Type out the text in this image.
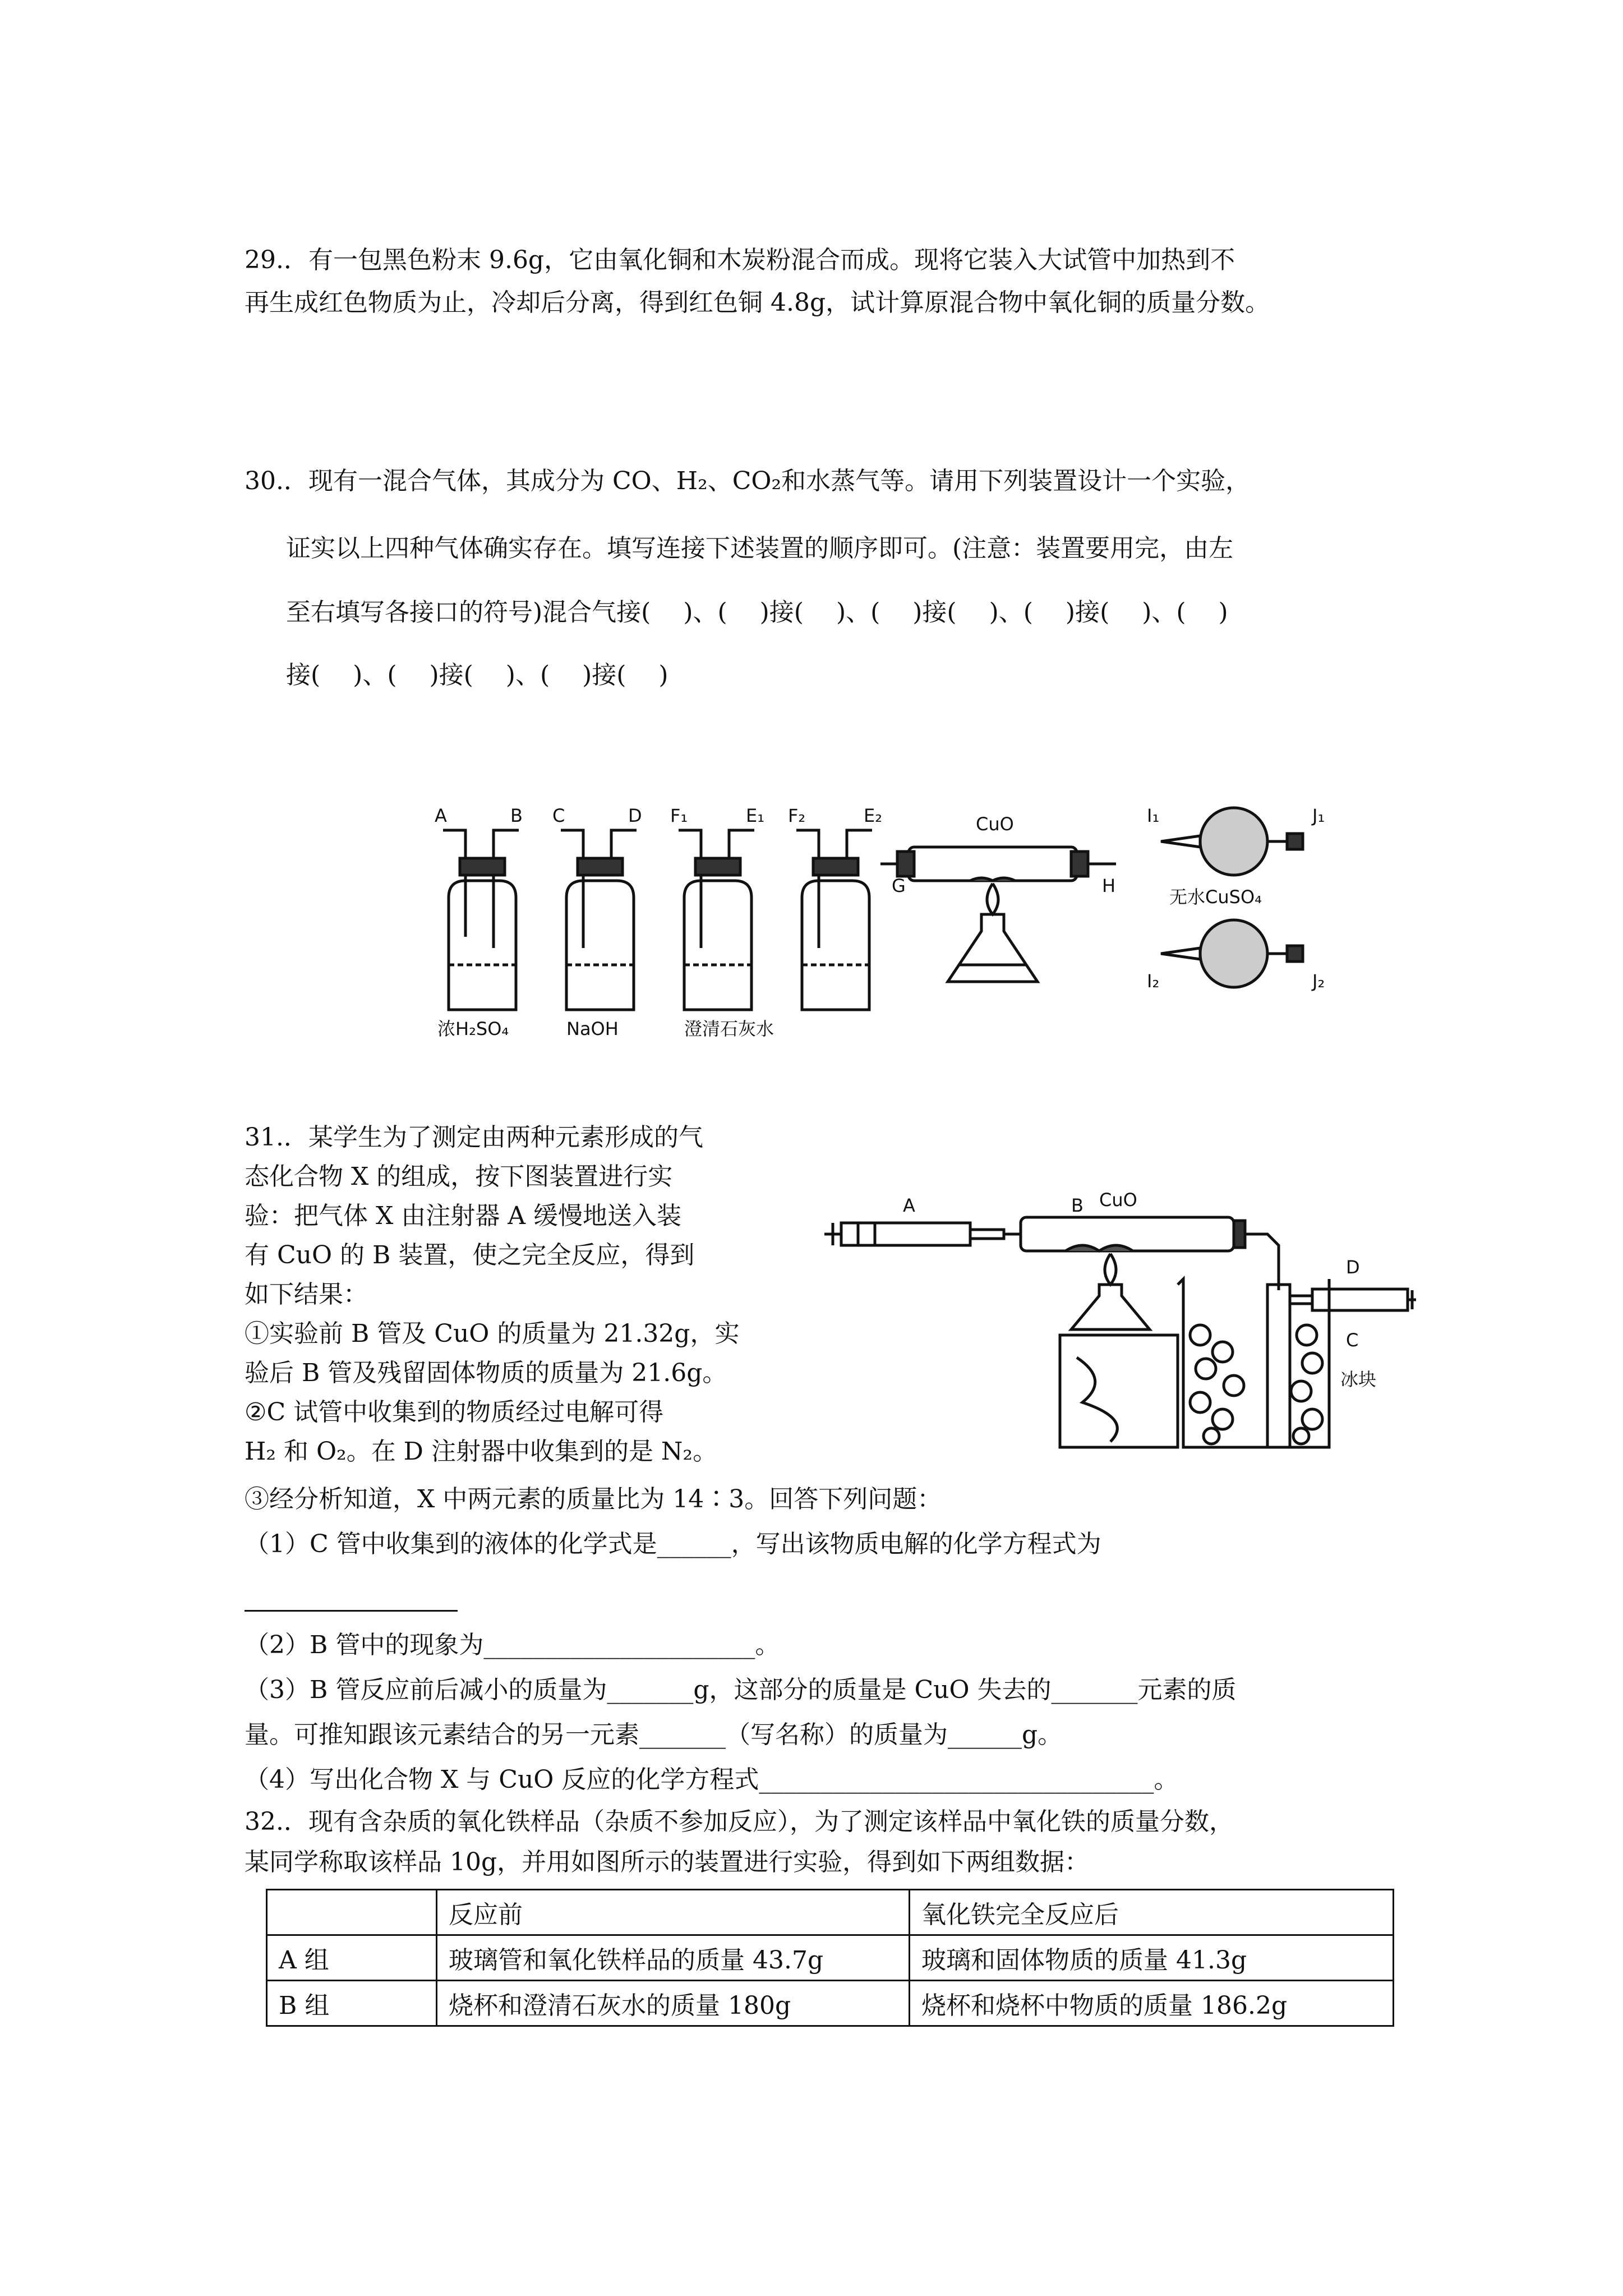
29.．有一包黑色粉末 9.6g，它由氧化铜和木炭粉混合而成。现将它装入大试管中加热到不
再生成红色物质为止，冷却后分离，得到红色铜 4.8g，试计算原混合物中氧化铜的质量分数。
30.．现有一混合气体，其成分为 CO、H₂、CO₂和水蒸气等。请用下列装置设计一个实验，
证实以上四种气体确实存在。填写连接下述装置的顺序即可。(注意：装置要用完，由左
至右填写各接口的符号)混合气接(　 )、(　 )接(　 )、(　 )接(　 )、(　 )接(　 )、(　 )
接(　 )、(　 )接(　 )、(　 )接(　 )
A	B C	D F₁	E₁ F₂	E₂	CuO
G	H
I₁	J₁
I₂	J₂
无水CuSO₄
浓H₂SO₄	NaOH	澄清石灰水
31.．某学生为了测定由两种元素形成的气
态化合物 X 的组成，按下图装置进行实
验：把气体 X 由注射器 A 缓慢地送入装
有 CuO 的 B 装置，使之完全反应，得到
如下结果：
①实验前 B 管及 CuO 的质量为 21.32g，实
验后 B 管及残留固体物质的质量为 21.6g。
②C 试管中收集到的物质经过电解可得
H₂ 和 O₂。在 D 注射器中收集到的是 N₂。
A	B CuO
D
C
冰块
③经分析知道，X 中两元素的质量比为 14∶3。回答下列问题：
（1）C 管中收集到的液体的化学式是______，写出该物质电解的化学方程式为
（2）B 管中的现象为______________________。
（3）B 管反应前后减小的质量为_______g，这部分的质量是 CuO 失去的_______元素的质
量。可推知跟该元素结合的另一元素_______（写名称）的质量为______g。
（4）写出化合物 X 与 CuO 反应的化学方程式________________________________。
32.．现有含杂质的氧化铁样品（杂质不参加反应），为了测定该样品中氧化铁的质量分数，
某同学称取该样品 10g，并用如图所示的装置进行实验，得到如下两组数据：
	反应前	氧化铁完全反应后
A 组	玻璃管和氧化铁样品的质量 43.7g	玻璃和固体物质的质量 41.3g
B 组	烧杯和澄清石灰水的质量 180g	烧杯和烧杯中物质的质量 186.2g
